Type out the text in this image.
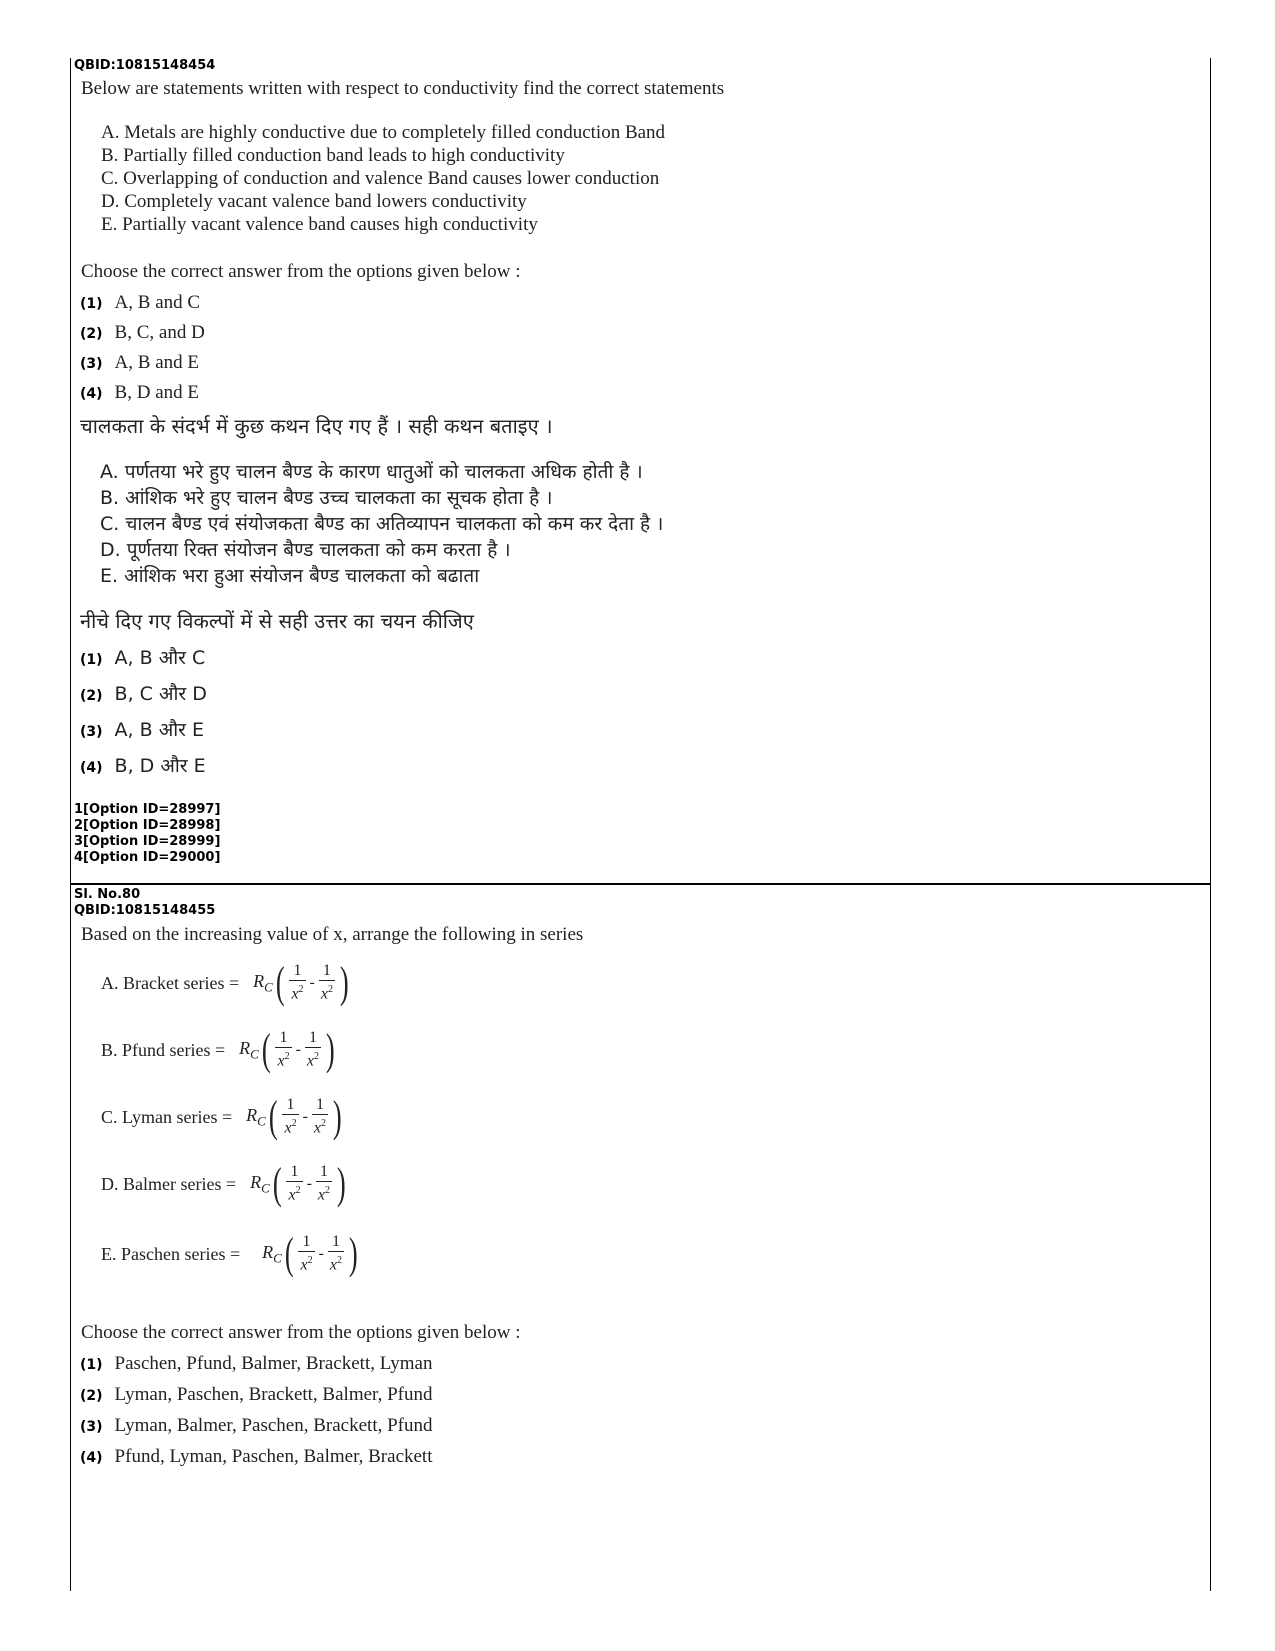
QBID:10815148454
Below are statements written with respect to conductivity find the correct statements
A. Metals are highly conductive due to completely filled conduction Band
B. Partially filled conduction band leads to high conductivity
C. Overlapping of conduction and valence Band causes lower conduction
D. Completely vacant valence band lowers conductivity
E. Partially vacant valence band causes high conductivity
Choose the correct answer from the options given below :
(1) A, B and C
(2) B, C, and D
(3) A, B and E
(4) B, D and E
चालकता के संदर्भ में कुछ कथन दिए गए हैं । सही कथन बताइए ।
A. पर्णतया भरे हुए चालन बैण्ड के कारण धातुओं को चालकता अधिक होती है ।
B. आंशिक भरे हुए चालन बैण्ड उच्च चालकता का सूचक होता है ।
C. चालन बैण्ड एवं संयोजकता बैण्ड का अतिव्यापन चालकता को कम कर देता है ।
D. पूर्णतया रिक्त संयोजन बैण्ड चालकता को कम करता है ।
E. आंशिक भरा हुआ संयोजन बैण्ड चालकता को बढाता
नीचे दिए गए विकल्पों में से सही उत्तर का चयन कीजिए
(1) A, B और C
(2) B, C और D
(3) A, B और E
(4) B, D और E
1[Option ID=28997]
2[Option ID=28998]
3[Option ID=28999]
4[Option ID=29000]
Sl. No.80
QBID:10815148455
Based on the increasing value of x, arrange the following in series
A. Bracket series = $R_C$ ( $\frac{1}{x^2} - \frac{1}{x^2}$ )
B. Pfund series = $R_C$ ( $\frac{1}{x^2} - \frac{1}{x^2}$ )
C. Lyman series = $R_C$ ( $\frac{1}{x^2} - \frac{1}{x^2}$ )
D. Balmer series = $R_C$ ( $\frac{1}{x^2} - \frac{1}{x^2}$ )
E. Paschen series = $R_C$ ( $\frac{1}{x^2} - \frac{1}{x^2}$ )
Choose the correct answer from the options given below :
(1) Paschen, Pfund, Balmer, Brackett, Lyman
(2) Lyman, Paschen, Brackett, Balmer, Pfund
(3) Lyman, Balmer, Paschen, Brackett, Pfund
(4) Pfund, Lyman, Paschen, Balmer, Brackett
